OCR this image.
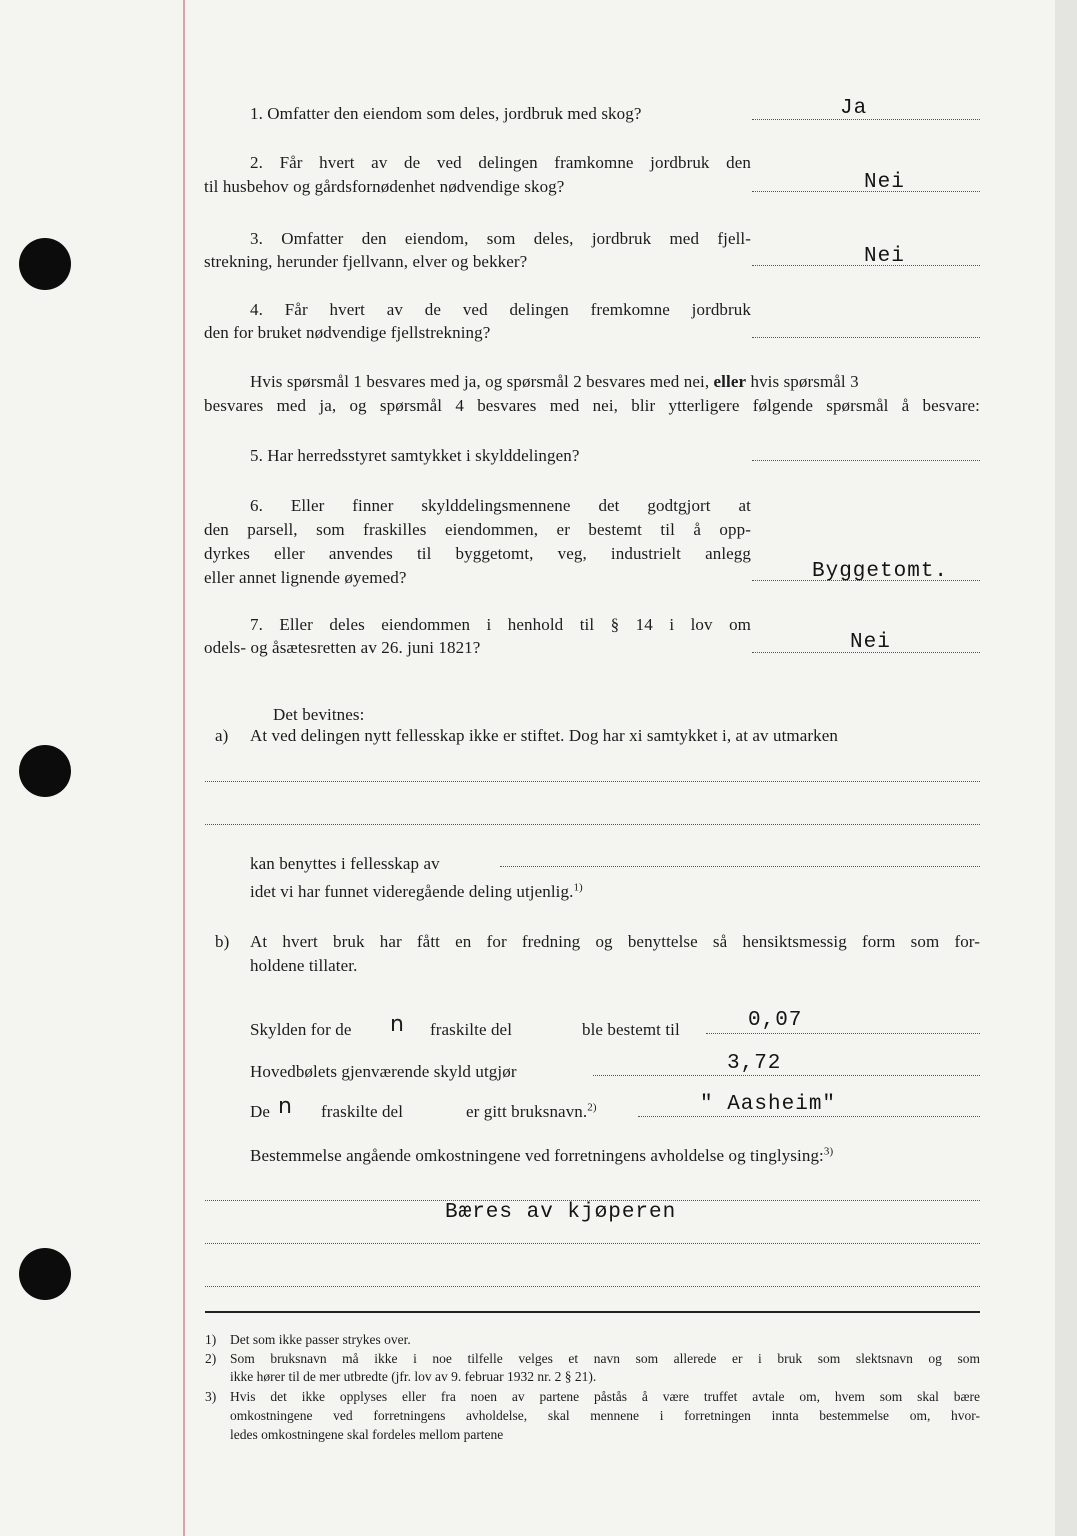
1. Omfatter den eiendom som deles, jordbruk med skog?	Ja
2. Får hvert av de ved delingen framkomne jordbruk den
til husbehov og gårdsfornødenhet nødvendige skog?	Nei
3. Omfatter den eiendom, som deles, jordbruk med fjell-
strekning, herunder fjellvann, elver og bekker?	Nei
4. Får hvert av de ved delingen fremkomne jordbruk
den for bruket nødvendige fjellstrekning?
Hvis spørsmål 1 besvares med ja, og spørsmål 2 besvares med nei, eller hvis spørsmål 3
besvares med ja, og spørsmål 4 besvares med nei, blir ytterligere følgende spørsmål å besvare:
5. Har herredsstyret samtykket i skylddelingen?
6. Eller finner skylddelingsmennene det godtgjort at
den parsell, som fraskilles eiendommen, er bestemt til å opp-
dyrkes eller anvendes til byggetomt, veg, industrielt anlegg
eller annet lignende øyemed?	Byggetomt.
7. Eller deles eiendommen i henhold til § 14 i lov om
odels- og åsætesretten av 26. juni 1821?	Nei
Det bevitnes:
a) At ved delingen nytt fellesskap ikke er stiftet. Dog har xi samtykket i, at av utmarken
kan benyttes i fellesskap av
idet vi har funnet videregående deling utjenlig.$^{1)}$
b) At hvert bruk har fått en for fredning og benyttelse så hensiktsmessig form som for-
holdene tillater.
Skylden for de n fraskilte del	ble bestemt til	0,07
Hovedbølets gjenværende skyld utgjør	3,72
De n fraskilte del	er gitt bruksnavn.$^{2)}$	" Aasheim"
Bestemmelse angående omkostningene ved forretningens avholdelse og tinglysing:$^{3)}$
Bæres av kjøperen
1) Det som ikke passer strykes over.
2) Som bruksnavn må ikke i noe tilfelle velges et navn som allerede er i bruk som slektsnavn og som
ikke hører til de mer utbredte (jfr. lov av 9. februar 1932 nr. 2 § 21).
3) Hvis det ikke opplyses eller fra noen av partene påstås å være truffet avtale om, hvem som skal bære
omkostningene ved forretningens avholdelse, skal mennene i forretningen innta bestemmelse om, hvor-
ledes omkostningene skal fordeles mellom partene
